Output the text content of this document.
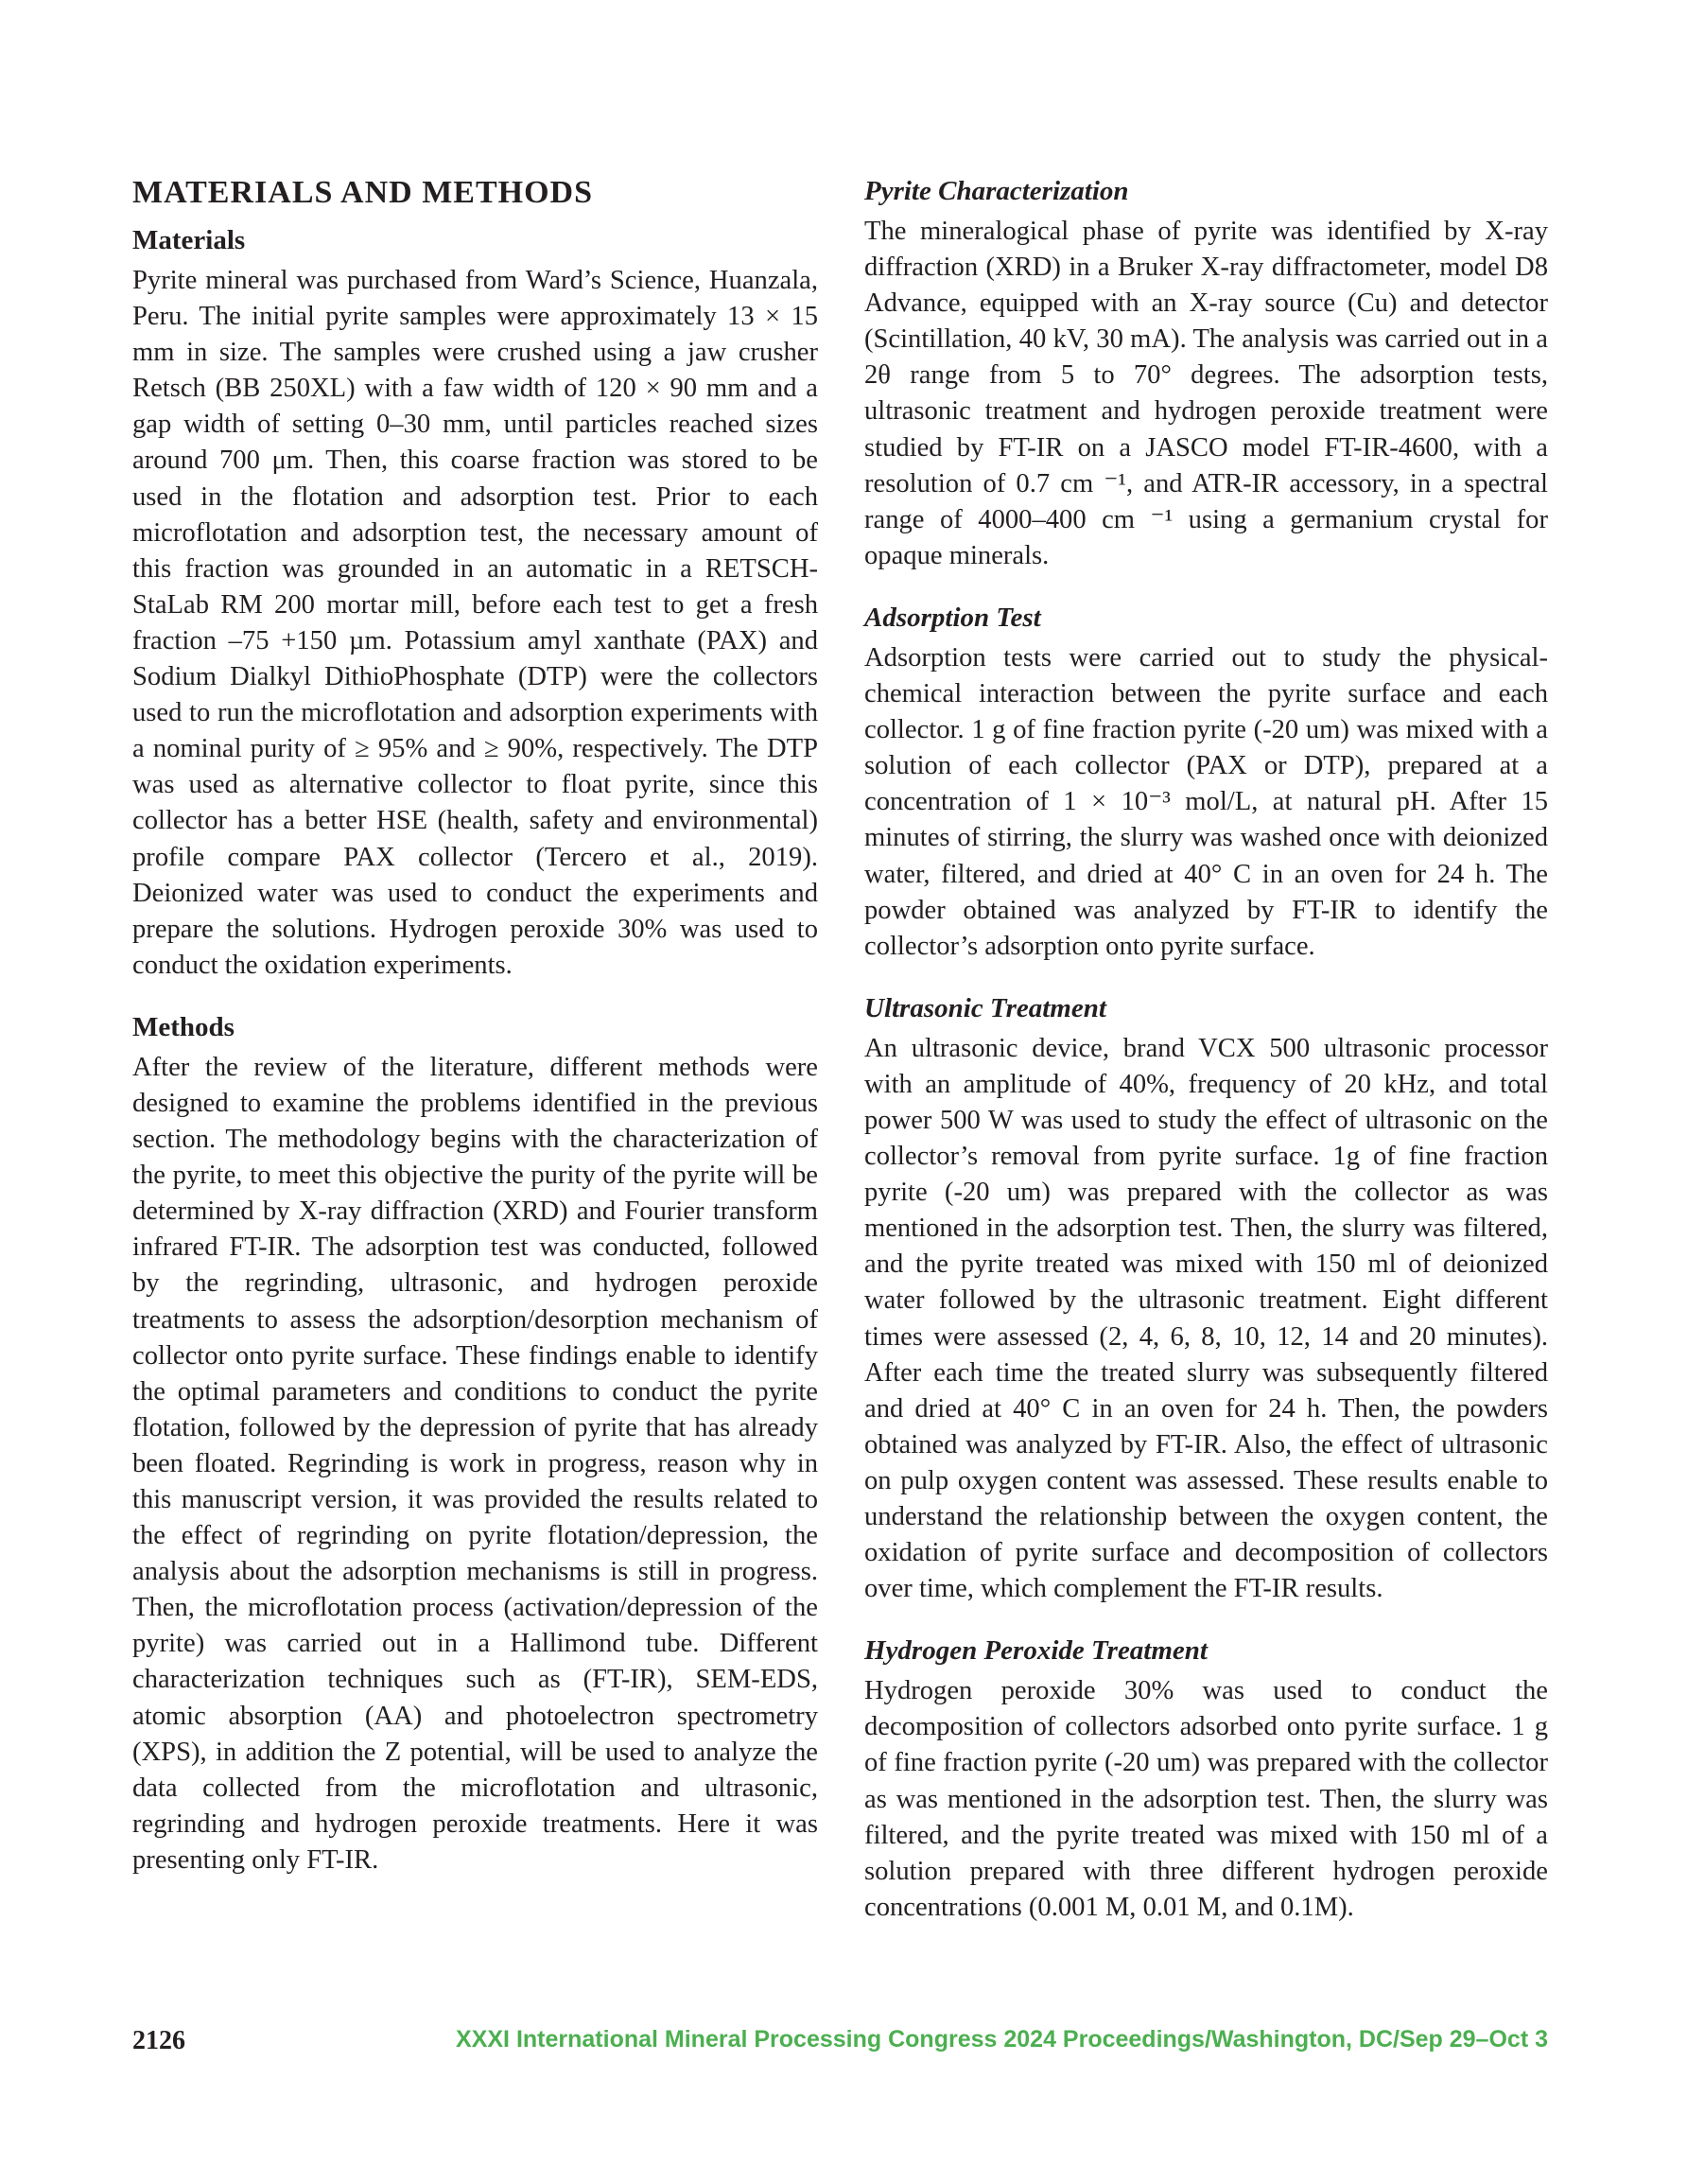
MATERIALS AND METHODS
Materials

Pyrite mineral was purchased from Ward’s Science, Huanzala, Peru. The initial pyrite samples were approximately 13 × 15 mm in size. The samples were crushed using a jaw crusher Retsch (BB 250XL) with a faw width of 120 × 90 mm and a gap width of setting 0–30 mm, until particles reached sizes around 700 μm. Then, this coarse fraction was stored to be used in the flotation and adsorption test. Prior to each microflotation and adsorption test, the necessary amount of this fraction was grounded in an automatic in a RETSCH-StaLab RM 200 mortar mill, before each test to get a fresh fraction –75 +150 µm. Potassium amyl xanthate (PAX) and Sodium Dialkyl DithioPhosphate (DTP) were the collectors used to run the microflotation and adsorption experiments with a nominal purity of ≥ 95% and ≥ 90%, respectively. The DTP was used as alternative collector to float pyrite, since this collector has a better HSE (health, safety and environmental) profile compare PAX collector (Tercero et al., 2019). Deionized water was used to conduct the experiments and prepare the solutions. Hydrogen peroxide 30% was used to conduct the oxidation experiments.

Methods

After the review of the literature, different methods were designed to examine the problems identified in the previous section. The methodology begins with the characterization of the pyrite, to meet this objective the purity of the pyrite will be determined by X-ray diffraction (XRD) and Fourier transform infrared FT-IR. The adsorption test was conducted, followed by the regrinding, ultrasonic, and hydrogen peroxide treatments to assess the adsorption/desorption mechanism of collector onto pyrite surface. These findings enable to identify the optimal parameters and conditions to conduct the pyrite flotation, followed by the depression of pyrite that has already been floated. Regrinding is work in progress, reason why in this manuscript version, it was provided the results related to the effect of regrinding on pyrite flotation/depression, the analysis about the adsorption mechanisms is still in progress. Then, the microflotation process (activation/depression of the pyrite) was carried out in a Hallimond tube. Different characterization techniques such as (FT-IR), SEM-EDS, atomic absorption (AA) and photoelectron spectrometry (XPS), in addition the Z potential, will be used to analyze the data collected from the microflotation and ultrasonic, regrinding and hydrogen peroxide treatments. Here it was presenting only FT-IR.

Pyrite Characterization

The mineralogical phase of pyrite was identified by X-ray diffraction (XRD) in a Bruker X-ray diffractometer, model D8 Advance, equipped with an X-ray source (Cu) and detector (Scintillation, 40 kV, 30 mA). The analysis was carried out in a 2θ range from 5 to 70° degrees. The adsorption tests, ultrasonic treatment and hydrogen peroxide treatment were studied by FT-IR on a JASCO model FT-IR-4600, with a resolution of 0.7 cm ⁻¹, and ATR-IR accessory, in a spectral range of 4000–400 cm ⁻¹ using a germanium crystal for opaque minerals.

Adsorption Test

Adsorption tests were carried out to study the physical-chemical interaction between the pyrite surface and each collector. 1 g of fine fraction pyrite (-20 um) was mixed with a solution of each collector (PAX or DTP), prepared at a concentration of 1 × 10⁻³ mol/L, at natural pH. After 15 minutes of stirring, the slurry was washed once with deionized water, filtered, and dried at 40° C in an oven for 24 h. The powder obtained was analyzed by FT-IR to identify the collector’s adsorption onto pyrite surface.

Ultrasonic Treatment

An ultrasonic device, brand VCX 500 ultrasonic processor with an amplitude of 40%, frequency of 20 kHz, and total power 500 W was used to study the effect of ultrasonic on the collector’s removal from pyrite surface. 1g of fine fraction pyrite (-20 um) was prepared with the collector as was mentioned in the adsorption test. Then, the slurry was filtered, and the pyrite treated was mixed with 150 ml of deionized water followed by the ultrasonic treatment. Eight different times were assessed (2, 4, 6, 8, 10, 12, 14 and 20 minutes). After each time the treated slurry was subsequently filtered and dried at 40° C in an oven for 24 h. Then, the powders obtained was analyzed by FT-IR. Also, the effect of ultrasonic on pulp oxygen content was assessed. These results enable to understand the relationship between the oxygen content, the oxidation of pyrite surface and decomposition of collectors over time, which complement the FT-IR results.

Hydrogen Peroxide Treatment

Hydrogen peroxide 30% was used to conduct the decomposition of collectors adsorbed onto pyrite surface. 1 g of fine fraction pyrite (-20 um) was prepared with the collector as was mentioned in the adsorption test. Then, the slurry was filtered, and the pyrite treated was mixed with 150 ml of a solution prepared with three different hydrogen peroxide concentrations (0.001 M, 0.01 M, and 0.1M).

2126	XXXI International Mineral Processing Congress 2024 Proceedings/Washington, DC/Sep 29–Oct 3
